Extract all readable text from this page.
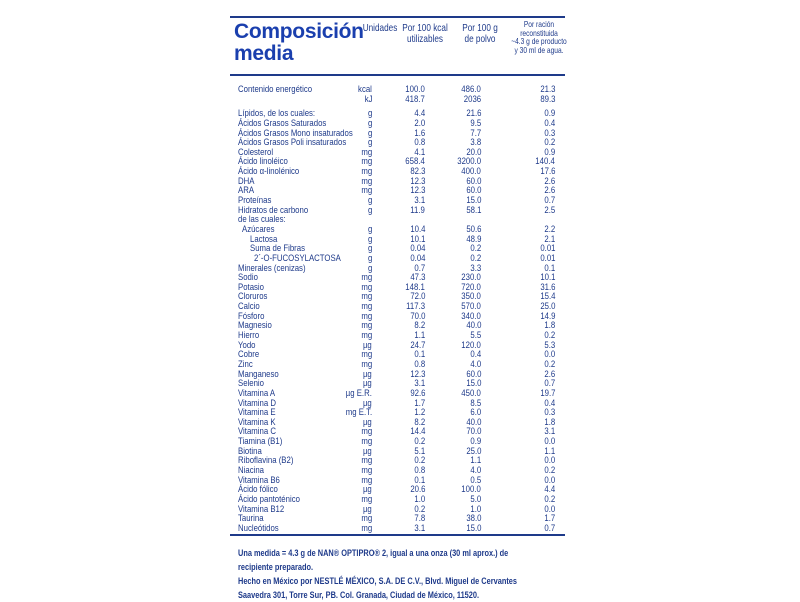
Composición
media
Unidades Por 100 kcal
utilizables
Por 100 g
de polvo
Por ración
reconstituida
~4.3 g de producto
y 30 ml de agua.
Contenido energético	kcal	100.0	486.0	21.3
kJ	418.7	2036	89.3
Lípidos, de los cuales:	g	4.4	21.6	0.9
Ácidos Grasos Saturados	g	2.0	9.5	0.4
Ácidos Grasos Mono insaturados g	1.6	7.7	0.3
Ácidos Grasos Poli insaturados g	0.8	3.8	0.2
Colesterol	mg	4.1	20.0	0.9
Ácido linoléico	mg	658.4	3200.0	140.4
Ácido α-linolénico	mg	82.3	400.0	17.6
DHA	mg	12.3	60.0	2.6
ARA	mg	12.3	60.0	2.6
Proteínas	g	3.1	15.0	0.7
Hidratos de carbono	g	11.9	58.1	2.5
de las cuales:
Azúcares	g	10.4	50.6	2.2
Lactosa	g	10.1	48.9	2.1
Suma de Fibras	g	0.04	0.2	0.01
2´-O-FUCOSYLACTOSA	g	0.04	0.2	0.01
Minerales (cenizas)	g	0.7	3.3	0.1
Sodio	mg	47.3	230.0	10.1
Potasio	mg	148.1	720.0	31.6
Cloruros	mg	72.0	350.0	15.4
Calcio	mg	117.3	570.0	25.0
Fósforo	mg	70.0	340.0	14.9
Magnesio	mg	8.2	40.0	1.8
Hierro	mg	1.1	5.5	0.2
Yodo	µg	24.7	120.0	5.3
Cobre	mg	0.1	0.4	0.0
Zinc	mg	0.8	4.0	0.2
Manganeso	µg	12.3	60.0	2.6
Selenio	µg	3.1	15.0	0.7
Vitamina A	µg E.R.	92.6	450.0	19.7
Vitamina D	µg	1.7	8.5	0.4
Vitamina E	mg E.T.	1.2	6.0	0.3
Vitamina K	µg	8.2	40.0	1.8
Vitamina C	mg	14.4	70.0	3.1
Tiamina (B1)	mg	0.2	0.9	0.0
Biotina	µg	5.1	25.0	1.1
Riboflavina (B2)	mg	0.2	1.1	0.0
Niacina	mg	0.8	4.0	0.2
Vitamina B6	mg	0.1	0.5	0.0
Ácido fólico	µg	20.6	100.0	4.4
Ácido pantoténico	mg	1.0	5.0	0.2
Vitamina B12	µg	0.2	1.0	0.0
Taurina	mg	7.8	38.0	1.7
Nucleótidos	mg	3.1	15.0	0.7
Una medida = 4.3 g de NAN® OPTIPRO® 2, igual a una onza (30 ml aprox.) de recipiente preparado.
Hecho en México por NESTLÉ MÉXICO, S.A. DE C.V., Blvd. Miguel de Cervantes Saavedra 301, Torre Sur, PB. Col. Granada, Ciudad de México, 11520.
